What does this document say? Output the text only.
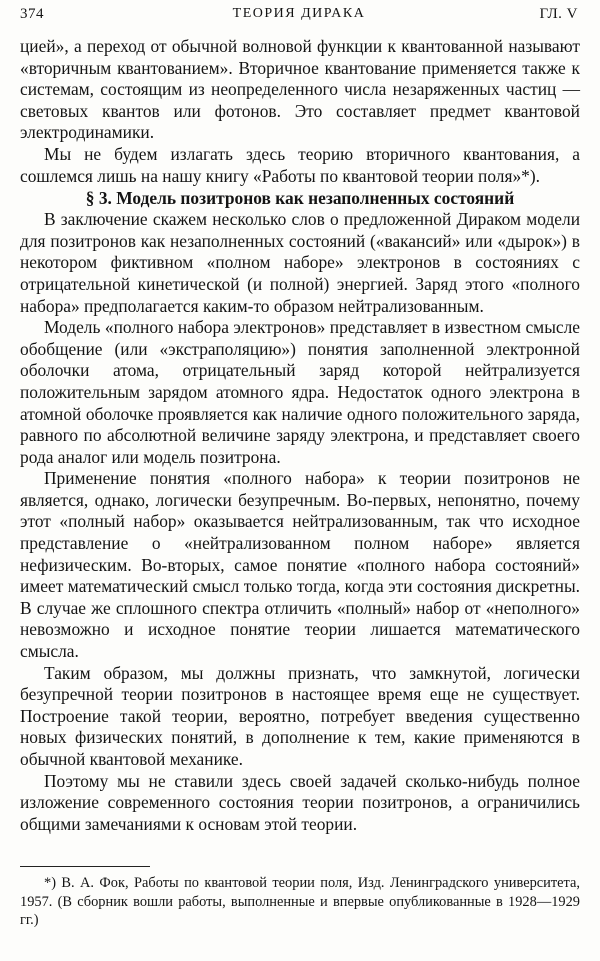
374	ТЕОРИЯ ДИРАКА	ГЛ. V

цией», а переход от обычной волновой функции к квантованной называют «вторичным квантованием». Вторичное квантование применяется также к системам, состоящим из неопределенного числа незаряженных частиц — световых квантов или фотонов. Это составляет предмет квантовой электродинамики.

Мы не будем излагать здесь теорию вторичного квантования, а сошлемся лишь на нашу книгу «Работы по квантовой теории поля»*).

§ 3. Модель позитронов как незаполненных состояний

В заключение скажем несколько слов о предложенной Дираком модели для позитронов как незаполненных состояний («вакансий» или «дырок») в некотором фиктивном «полном наборе» электронов в состояниях с отрицательной кинетической (и полной) энергией. Заряд этого «полного набора» предполагается каким-то образом нейтрализованным.

Модель «полного набора электронов» представляет в известном смысле обобщение (или «экстраполяцию») понятия заполненной электронной оболочки атома, отрицательный заряд которой нейтрализуется положительным зарядом атомного ядра. Недостаток одного электрона в атомной оболочке проявляется как наличие одного положительного заряда, равного по абсолютной величине заряду электрона, и представляет своего рода аналог или модель позитрона.

Применение понятия «полного набора» к теории позитронов не является, однако, логически безупречным. Во-первых, непонятно, почему этот «полный набор» оказывается нейтрализованным, так что исходное представление о «нейтрализованном полном наборе» является нефизическим. Во-вторых, самое понятие «полного набора состояний» имеет математический смысл только тогда, когда эти состояния дискретны. В случае же сплошного спектра отличить «полный» набор от «неполного» невозможно и исходное понятие теории лишается математического смысла.

Таким образом, мы должны признать, что замкнутой, логически безупречной теории позитронов в настоящее время еще не существует. Построение такой теории, вероятно, потребует введения существенно новых физических понятий, в дополнение к тем, какие применяются в обычной квантовой механике.

Поэтому мы не ставили здесь своей задачей сколько-нибудь полное изложение современного состояния теории позитронов, а ограничились общими замечаниями к основам этой теории.

*) В. А. Фок, Работы по квантовой теории поля, Изд. Ленинградского университета, 1957. (В сборник вошли работы, выполненные и впервые опубликованные в 1928—1929 гг.)
